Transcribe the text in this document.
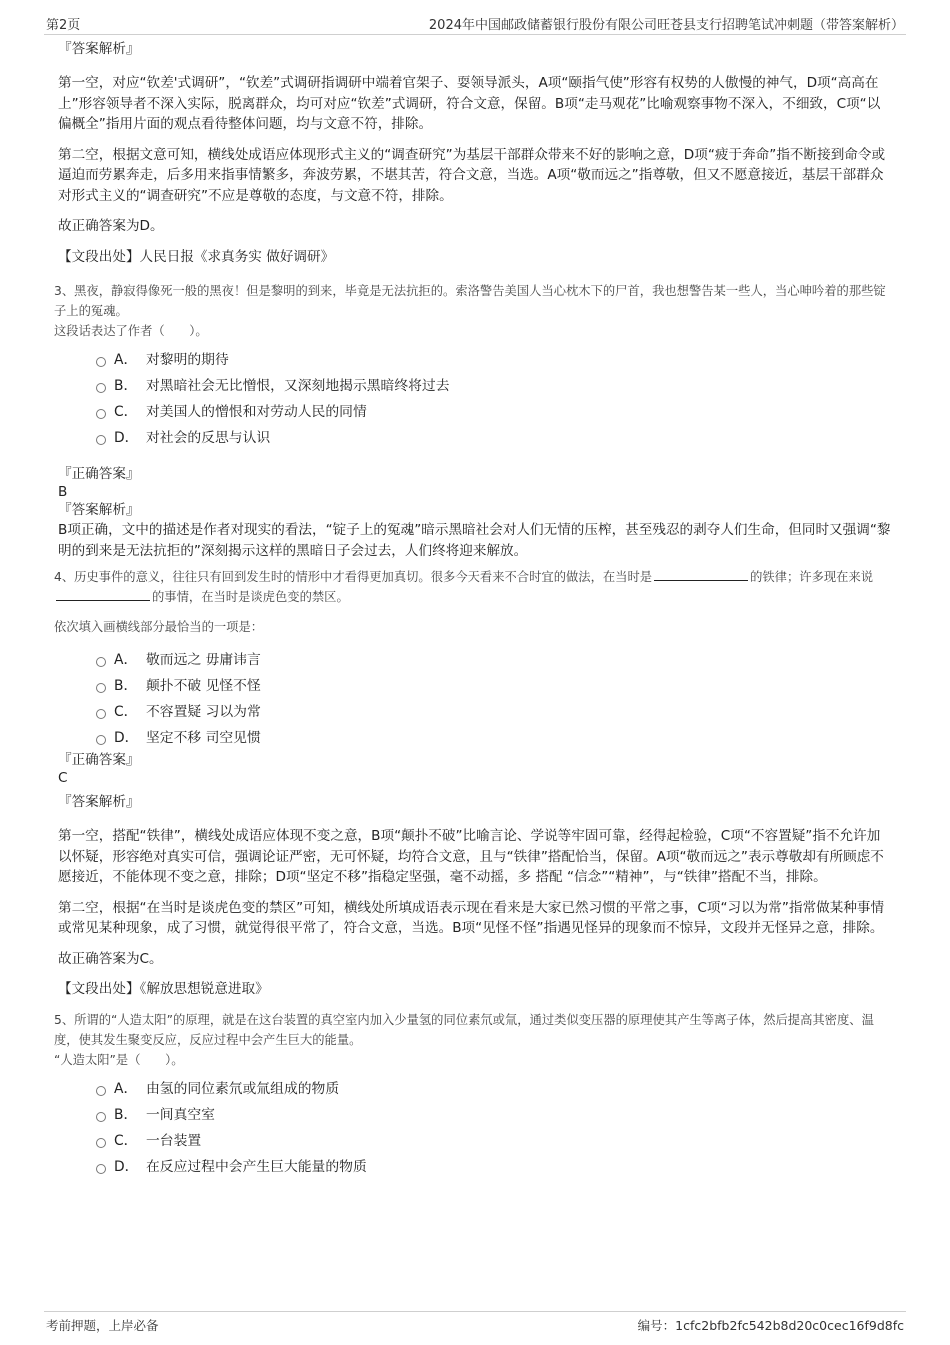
第2页	2024年中国邮政储蓄银行股份有限公司旺苍县支行招聘笔试冲刺题（带答案解析）

『答案解析』

第一空，对应“钦差'式调研”，“钦差”式调研指调研中端着官架子、耍领导派头，A项“颐指气使”形容有权势的人傲慢的神气，D项“高高在上”形容领导者不深入实际，脱离群众，均可对应“钦差”式调研，符合文意，保留。B项“走马观花”比喻观察事物不深入，不细致，C项“以偏概全”指用片面的观点看待整体问题，均与文意不符，排除。

第二空，根据文意可知，横线处成语应体现形式主义的“调查研究”为基层干部群众带来不好的影响之意，D项“疲于奔命”指不断接到命令或逼迫而劳累奔走，后多用来指事情繁多，奔波劳累，不堪其苦，符合文意，当选。A项“敬而远之”指尊敬，但又不愿意接近，基层干部群众对形式主义的“调查研究”不应是尊敬的态度，与文意不符，排除。

故正确答案为D。

【文段出处】人民日报《求真务实 做好调研》

3、黑夜，静寂得像死一般的黑夜！但是黎明的到来，毕竟是无法抗拒的。索洛警告美国人当心枕木下的尸首，我也想警告某一些人，当心呻吟着的那些锭子上的冤魂。

这段话表达了作者（　　）。

A． 对黎明的期待
B． 对黑暗社会无比憎恨，又深刻地揭示黑暗终将过去
C． 对美国人的憎恨和对劳动人民的同情
D． 对社会的反思与认识

『正确答案』

B

『答案解析』

B项正确，文中的描述是作者对现实的看法，“锭子上的冤魂”暗示黑暗社会对人们无情的压榨，甚至残忍的剥夺人们生命，但同时又强调“黎明的到来是无法抗拒的”深刻揭示这样的黑暗日子会过去，人们终将迎来解放。

4、历史事件的意义，往往只有回到发生时的情形中才看得更加真切。很多今天看来不合时宜的做法，在当时是	的铁律；许多现在来说的事情，在当时是谈虎色变的禁区。

依次填入画横线部分最恰当的一项是：

A． 敬而远之 毋庸讳言
B． 颠扑不破 见怪不怪
C． 不容置疑 习以为常
D． 坚定不移 司空见惯

『正确答案』

C

『答案解析』

第一空，搭配“铁律”，横线处成语应体现不变之意，B项“颠扑不破”比喻言论、学说等牢固可靠，经得起检验，C项“不容置疑”指不允许加以怀疑，形容绝对真实可信，强调论证严密，无可怀疑，均符合文意，且与“铁律”搭配恰当，保留。A项“敬而远之”表示尊敬却有所顾虑不愿接近，不能体现不变之意，排除；D项“坚定不移”指稳定坚强，毫不动摇，多 搭配 “信念”“精神”，与“铁律”搭配不当，排除。

第二空，根据“在当时是谈虎色变的禁区”可知，横线处所填成语表示现在看来是大家已然习惯的平常之事，C项“习以为常”指常做某种事情或常见某种现象，成了习惯，就觉得很平常了，符合文意，当选。B项“见怪不怪”指遇见怪异的现象而不惊异，文段并无怪异之意，排除。

故正确答案为C。

【文段出处】《解放思想锐意进取》

5、所谓的“人造太阳”的原理，就是在这台装置的真空室内加入少量氢的同位素氘或氚，通过类似变压器的原理使其产生等离子体，然后提高其密度、温度，使其发生聚变反应，反应过程中会产生巨大的能量。

“人造太阳”是（　　）。

A． 由氢的同位素氘或氚组成的物质
B． 一间真空室
C． 一台装置
D． 在反应过程中会产生巨大能量的物质
考前押题，上岸必备	编号：1cfc2bfb2fc542b8d20c0cec16f9d8fc
